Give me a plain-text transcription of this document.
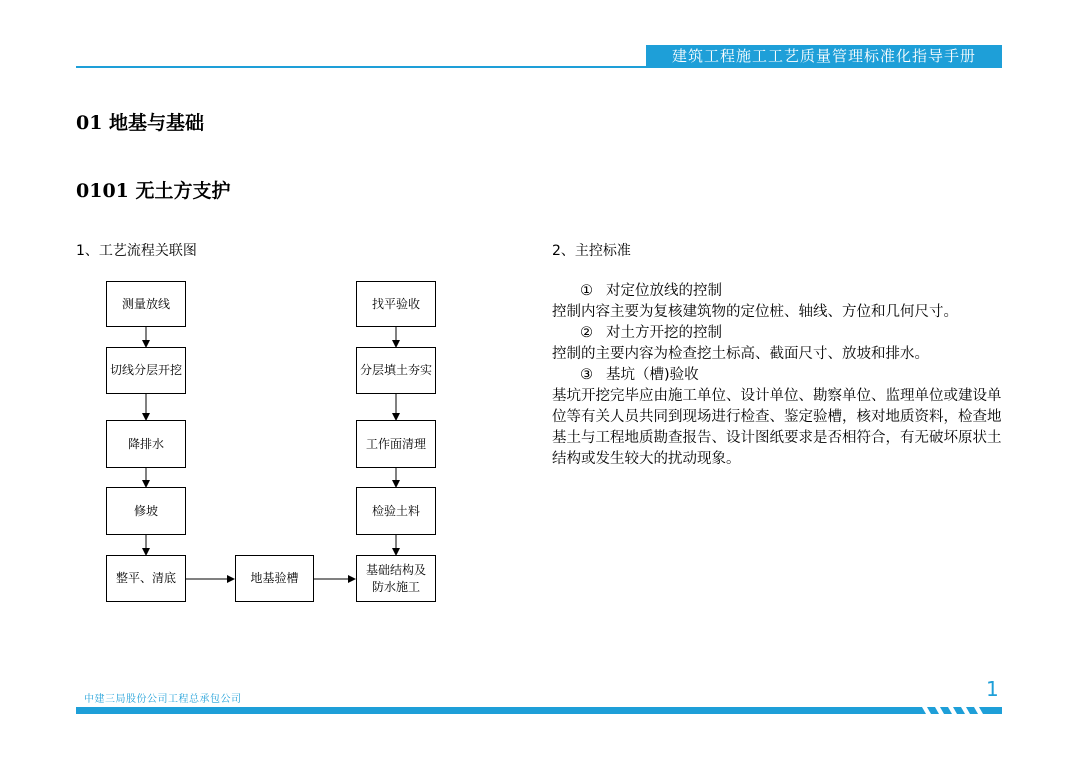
建筑工程施工工艺质量管理标准化指导手册
01 地基与基础
0101 无土方支护
1、工艺流程关联图	2、主控标准
测量放线
切线分层开挖
降排水
修坡
整平、清底	地基验槽
基础结构及防水施工
检验土料
工作面清理
分层填土夯实
找平验收

① 对定位放线的控制

控制内容主要为复核建筑物的定位桩、轴线、方位和几何尺寸。

② 对土方开挖的控制

控制的主要内容为检查挖土标高、截面尺寸、放坡和排水。

③ 基坑（槽)验收

基坑开挖完毕应由施工单位、设计单位、勘察单位、监理单位或建设单位等有关人员共同到现场进行检查、鉴定验槽，核对地质资料，检查地基土与工程地质勘查报告、设计图纸要求是否相符合，有无破坏原状土结构或发生较大的扰动现象。

中建三局股份公司工程总承包公司	1
